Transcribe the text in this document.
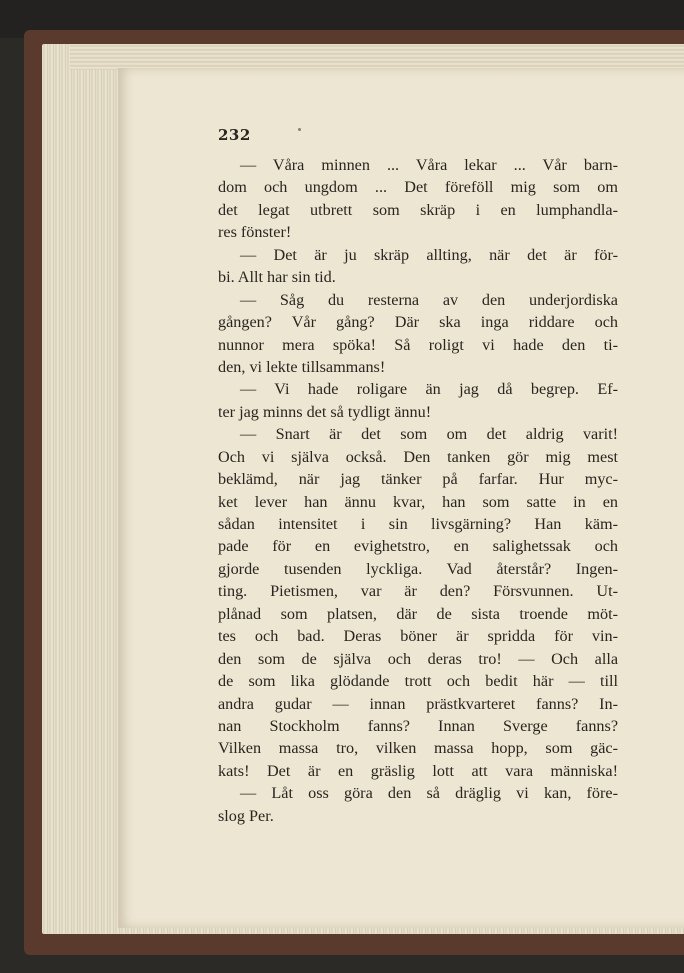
232
— Våra minnen ... Våra lekar ... Vår barn-
dom och ungdom ... Det föreföll mig som om
det legat utbrett som skräp i en lumphandla-
res fönster!
— Det är ju skräp allting, när det är för-
bi. Allt har sin tid.
— Såg du resterna av den underjordiska
gången? Vår gång? Där ska inga riddare och
nunnor mera spöka! Så roligt vi hade den ti-
den, vi lekte tillsammans!
— Vi hade roligare än jag då begrep. Ef-
ter jag minns det så tydligt ännu!
— Snart är det som om det aldrig varit!
Och vi själva också. Den tanken gör mig mest
beklämd, när jag tänker på farfar. Hur myc-
ket lever han ännu kvar, han som satte in en
sådan intensitet i sin livsgärning? Han käm-
pade för en evighetstro, en salighetssak och
gjorde tusenden lyckliga. Vad återstår? Ingen-
ting. Pietismen, var är den? Försvunnen. Ut-
plånad som platsen, där de sista troende möt-
tes och bad. Deras böner är spridda för vin-
den som de själva och deras tro! — Och alla
de som lika glödande trott och bedit här — till
andra gudar — innan prästkvarteret fanns? In-
nan Stockholm fanns? Innan Sverge fanns?
Vilken massa tro, vilken massa hopp, som gäc-
kats! Det är en gräslig lott att vara människa!
— Låt oss göra den så dräglig vi kan, före-
slog Per.
